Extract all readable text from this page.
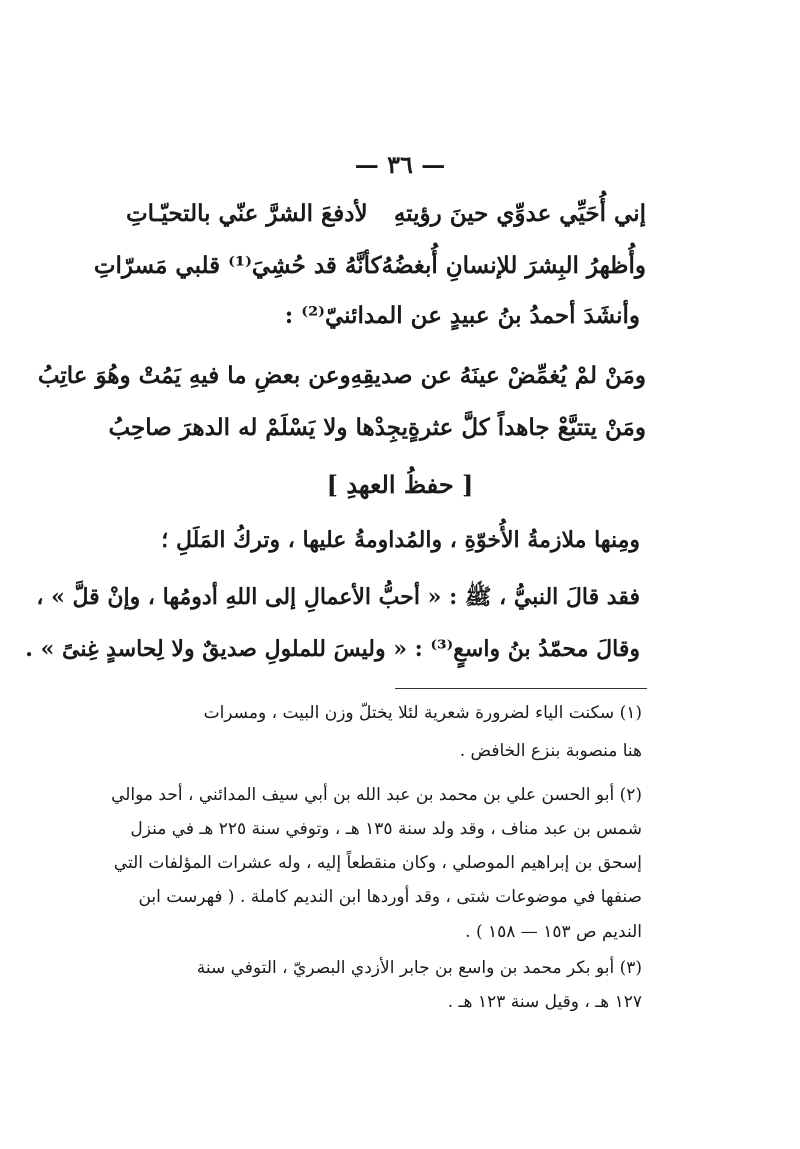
— ٣٦ —
إني أُحَيِّي عدوِّي حينَ رؤيتهِ
لأدفعَ الشرَّ عنّي بالتحيّـاتِ
وأُظهرُ البِشرَ للإنسانِ أُبغضُهُ
كأنَّهُ قد حُشِيَ⁽¹⁾ قلبي مَسرّاتِ
وأنشَدَ أحمدُ بنُ عبيدٍ عن المدائنيّ⁽²⁾ :
ومَنْ لمْ يُغمِّضْ عينَهُ عن صديقِهِ
وعن بعضِ ما فيهِ يَمُتْ وهُوَ عاتِبُ
ومَنْ يتتبَّعْ جاهداً كلَّ عثرةٍ
يجِدْها ولا يَسْلَمْ له الدهرَ صاحِبُ
[ حفظُ العهدِ ]
ومِنها ملازمةُ الأُخوّةِ ، والمُداومةُ عليها ، وتركُ المَلَلِ ؛
فقد قالَ النبيُّ ، ﷺ : « أحبُّ الأعمالِ إلى اللهِ أدومُها ، وإنْ قلَّ » ،
وقالَ محمّدُ بنُ واسعٍ⁽³⁾ : « وليسَ للملولِ صديقٌ ولا لِحاسدٍ غِنىً » .
(١) سكنت الياء لضرورة شعرية لئلا يختلّ وزن البيت ، ومسرات
هنا منصوبة بنزع الخافض .
(٢) أبو الحسن علي بن محمد بن عبد الله بن أبي سيف المدائني ، أحد موالي
شمس بن عبد مناف ، وقد ولد سنة ١٣٥ هـ ، وتوفي سنة ٢٢٥ هـ في منزل
إسحق بن إبراهيم الموصلي ، وكان منقطعاً إليه ، وله عشرات المؤلفات التي
صنفها في موضوعات شتى ، وقد أوردها ابن النديم كاملة . ( فهرست ابن
النديم ص ١٥٣ — ١٥٨ ) .
(٣) أبو بكر محمد بن واسع بن جابر الأزدي البصريّ ، التوفي سنة
١٢٧ هـ ، وقيل سنة ١٢٣ هـ .
